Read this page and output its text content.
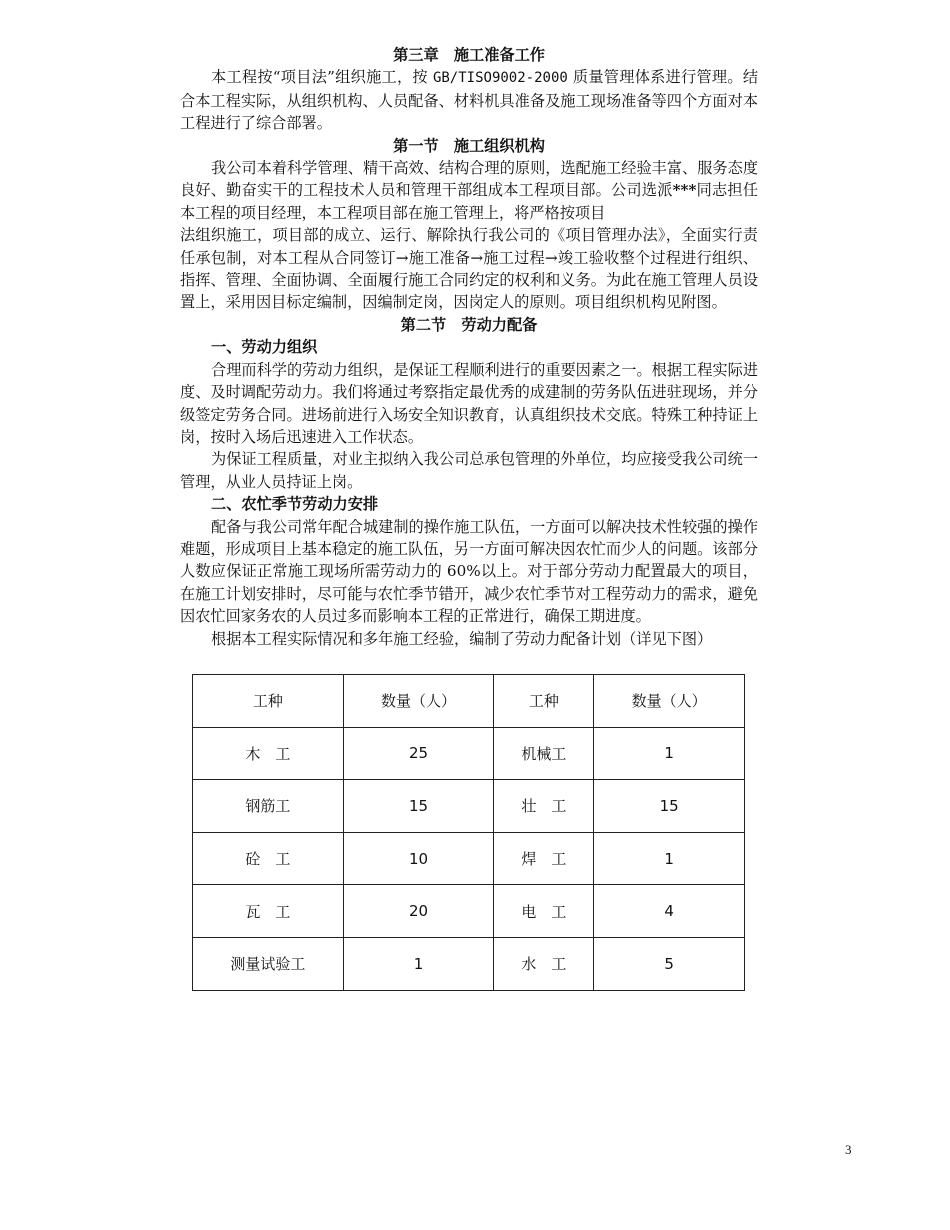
第三章　施工准备工作

本工程按“项目法”组织施工，按 GB/TISO9002-2000 质量管理体系进行管理。结合本工程实际，从组织机构、人员配备、材料机具准备及施工现场准备等四个方面对本工程进行了综合部署。

第一节　施工组织机构

我公司本着科学管理、精干高效、结构合理的原则，选配施工经验丰富、服务态度良好、勤奋实干的工程技术人员和管理干部组成本工程项目部。公司选派***同志担任本工程的项目经理，本工程项目部在施工管理上，将严格按项目

法组织施工，项目部的成立、运行、解除执行我公司的《项目管理办法》，全面实行责任承包制，对本工程从合同签订→施工准备→施工过程→竣工验收整个过程进行组织、指挥、管理、全面协调、全面履行施工合同约定的权利和义务。为此在施工管理人员设置上，采用因目标定编制，因编制定岗，因岗定人的原则。项目组织机构见附图。

第二节　劳动力配备
一、劳动力组织

合理而科学的劳动力组织，是保证工程顺利进行的重要因素之一。根据工程实际进度、及时调配劳动力。我们将通过考察指定最优秀的成建制的劳务队伍进驻现场，并分级签定劳务合同。进场前进行入场安全知识教育，认真组织技术交底。特殊工种持证上岗，按时入场后迅速进入工作状态。

为保证工程质量，对业主拟纳入我公司总承包管理的外单位，均应接受我公司统一管理，从业人员持证上岗。

二、农忙季节劳动力安排

配备与我公司常年配合城建制的操作施工队伍，一方面可以解决技术性较强的操作难题，形成项目上基本稳定的施工队伍，另一方面可解决因农忙而少人的问题。该部分人数应保证正常施工现场所需劳动力的 60%以上。对于部分劳动力配置最大的项目，在施工计划安排时，尽可能与农忙季节错开，减少农忙季节对工程劳动力的需求，避免因农忙回家务农的人员过多而影响本工程的正常进行，确保工期进度。

根据本工程实际情况和多年施工经验，编制了劳动力配备计划（详见下图）

工种	数量（人）	工种	数量（人）
木　工	25	机械工	1
钢筋工	15	壮　工	15
砼　工	10	焊　工	1
瓦　工	20	电　工	4
测量试验工	1	水　工	5
3
